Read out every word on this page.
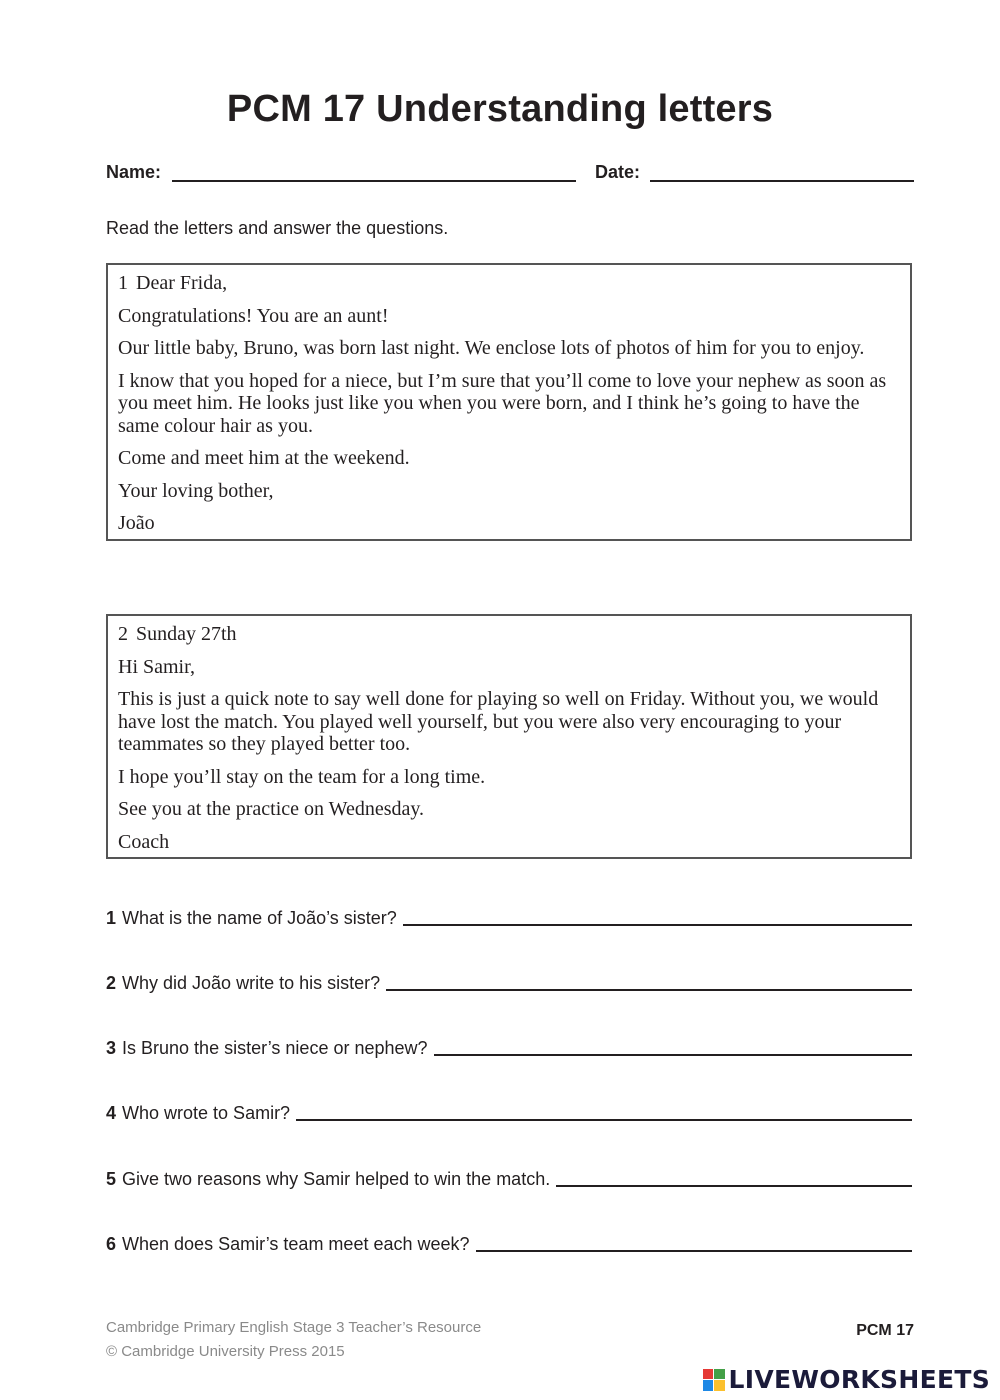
PCM 17 Understanding letters
Name:	Date:
Read the letters and answer the questions.

1 Dear Frida,

Congratulations! You are an aunt!

Our little baby, Bruno, was born last night. We enclose lots of photos of him for you to enjoy.

I know that you hoped for a niece, but I’m sure that you’ll come to love your nephew as soon as you meet him. He looks just like you when you were born, and I think he’s going to have the same colour hair as you.

Come and meet him at the weekend.

Your loving bother,

João

2 Sunday 27th

Hi Samir,

This is just a quick note to say well done for playing so well on Friday. Without you, we would have lost the match. You played well yourself, but you were also very encouraging to your teammates so they played better too.

I hope you’ll stay on the team for a long time.

See you at the practice on Wednesday.

Coach

1 What is the name of João’s sister?
2 Why did João write to his sister?
3 Is Bruno the sister’s niece or nephew?
4 Who wrote to Samir?
5 Give two reasons why Samir helped to win the match.
6 When does Samir’s team meet each week?
Cambridge Primary English Stage 3 Teacher’s Resource
© Cambridge University Press 2015
PCM 17
LIVEWORKSHEETS
